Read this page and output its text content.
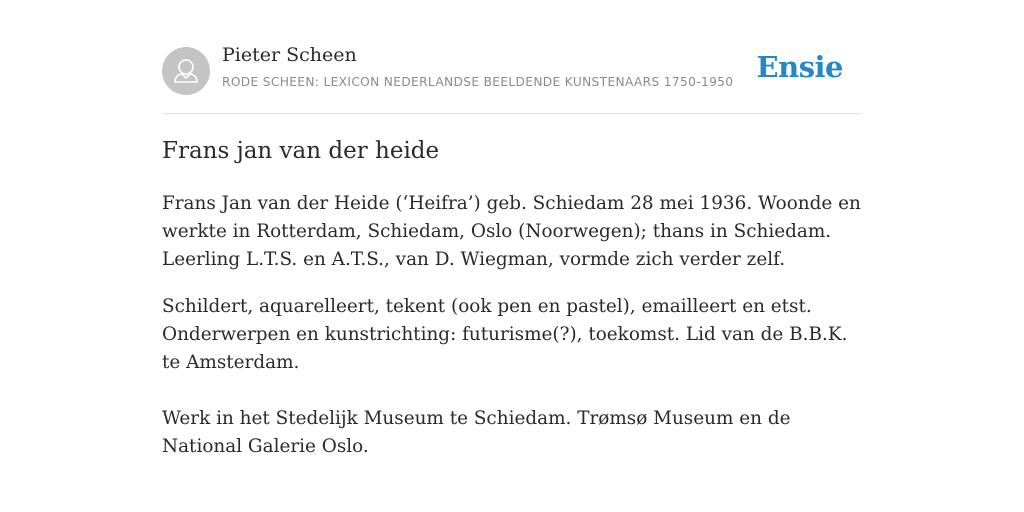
Pieter Scheen
RODE SCHEEN: LEXICON NEDERLANDSE BEELDENDE KUNSTENAARS 1750-1950 Ensie
Frans jan van der heide

Frans Jan van der Heide (‘Heifra’) geb. Schiedam 28 mei 1936. Woonde en werkte in Rotterdam, Schiedam, Oslo (Noorwegen); thans in Schiedam. Leerling L.T.S. en A.T.S., van D. Wiegman, vormde zich verder zelf.

Schildert, aquarelleert, tekent (ook pen en pastel), emailleert en etst. Onderwerpen en kunstrichting: futurisme(?), toekomst. Lid van de B.B.K. te Amsterdam.

Werk in het Stedelijk Museum te Schiedam. Trømsø Museum en de National Galerie Oslo.
